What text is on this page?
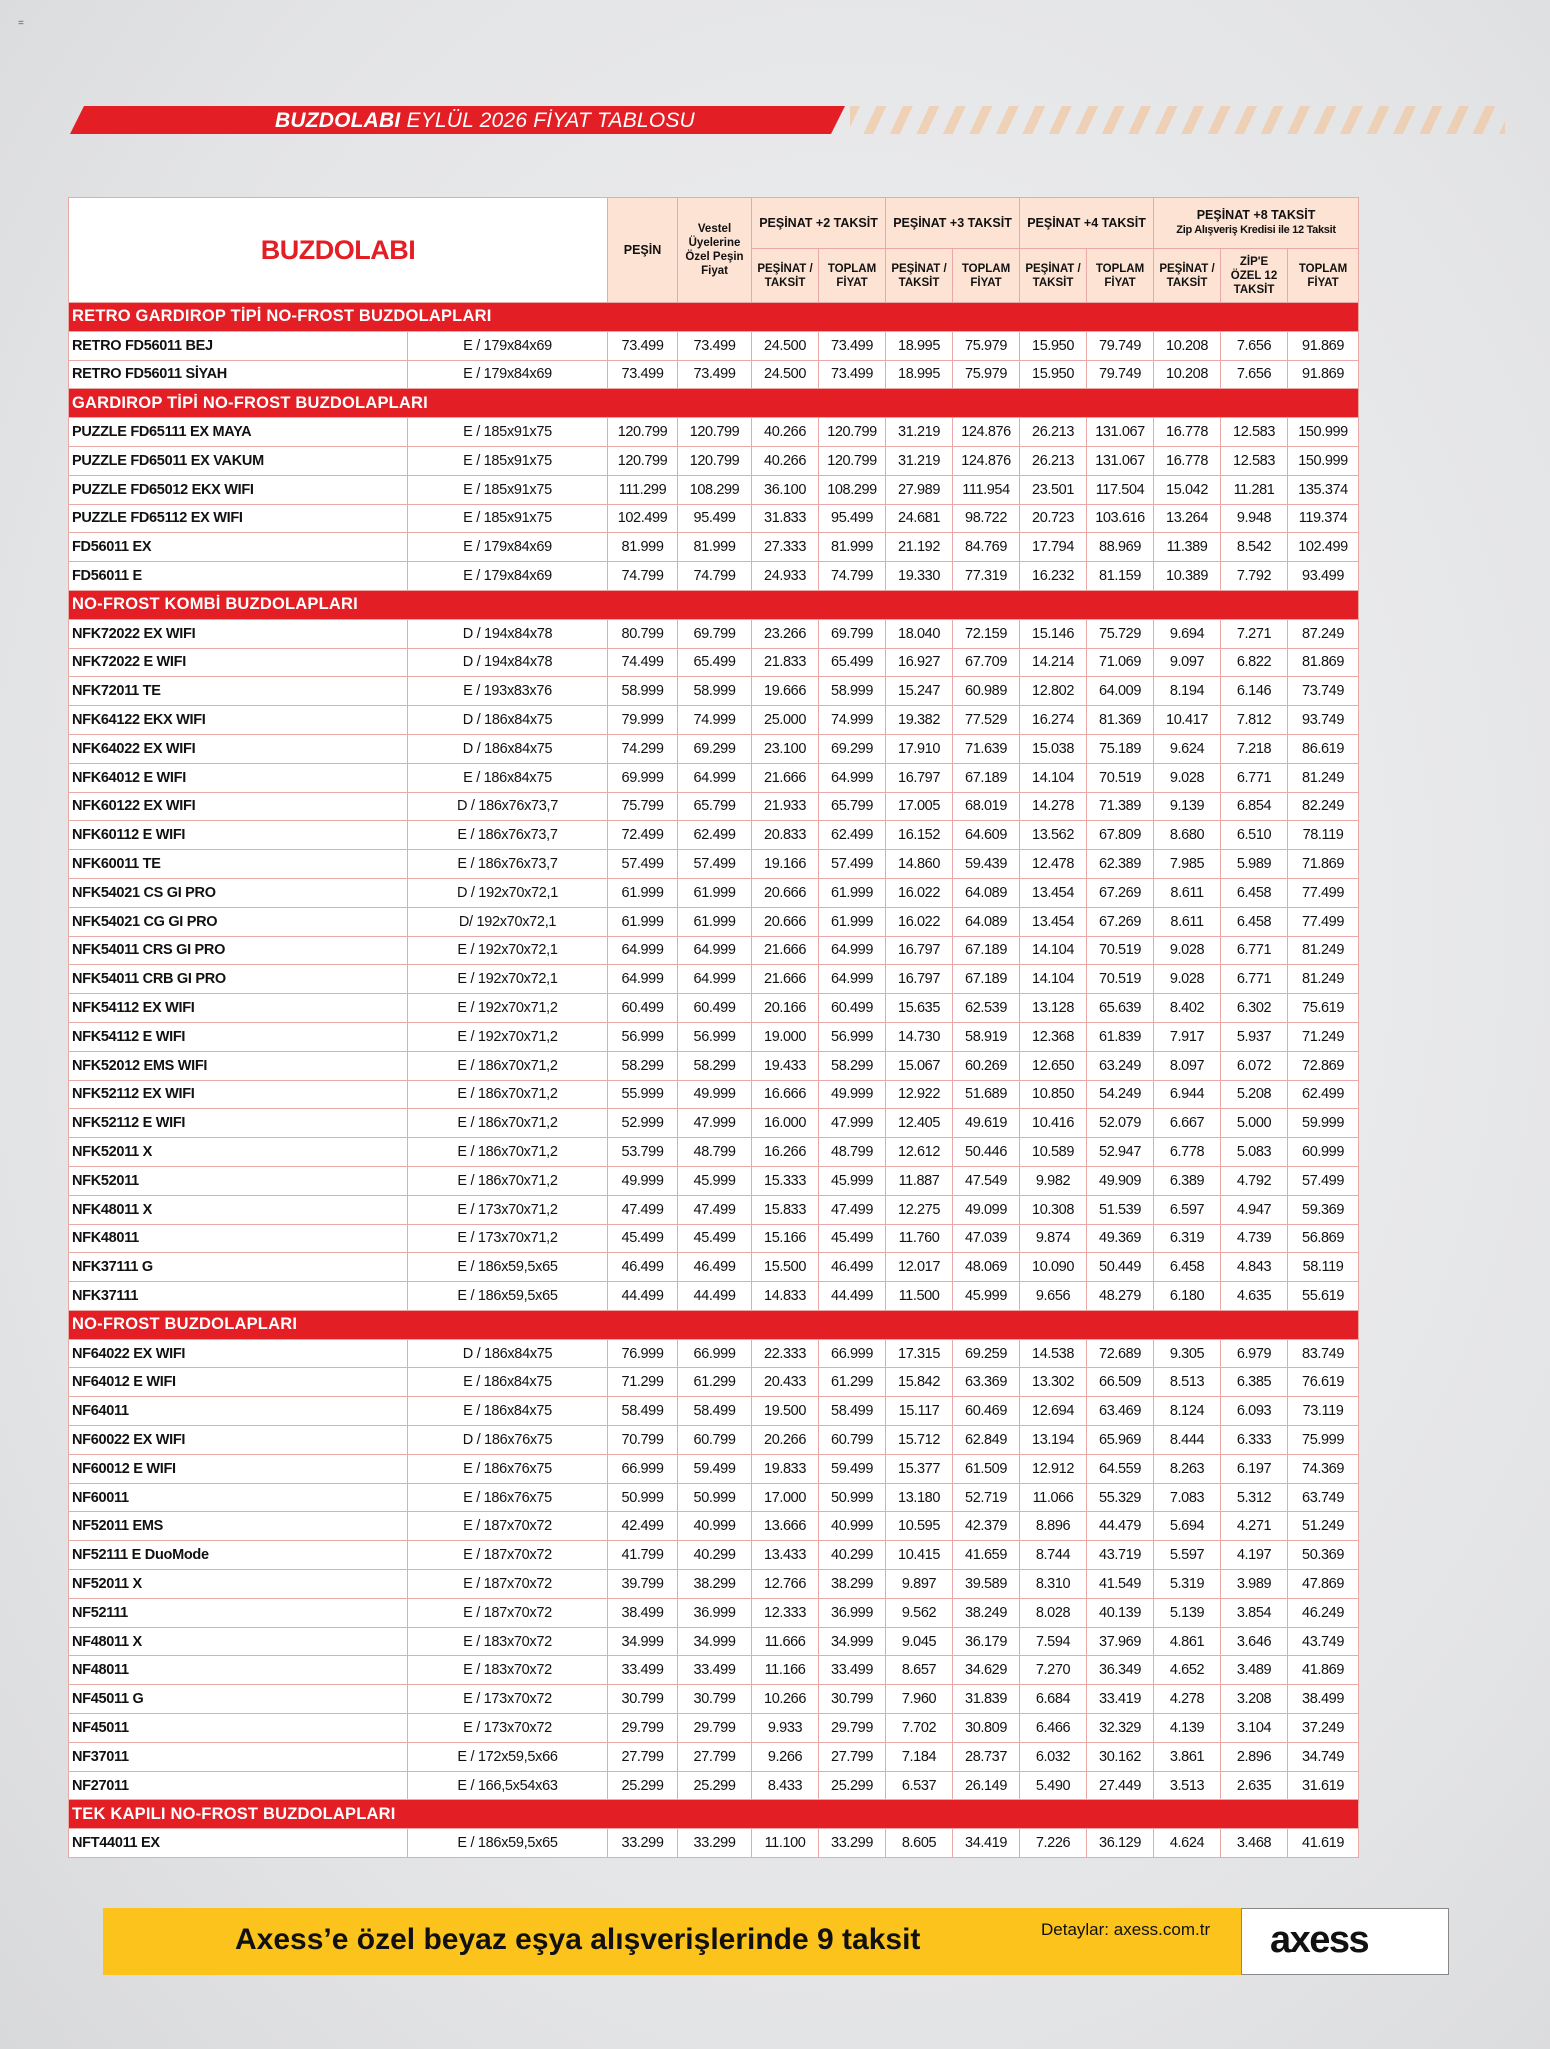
=
BUZDOLABI EYLÜL 2026 FİYAT TABLOSU
BUZDOLABI		PEŞİN	Vestel Üyelerine Özel Peşin Fiyat	PEŞİNAT +2 TAKSİT		PEŞİNAT +3 TAKSİT		PEŞİNAT +4 TAKSİT		PEŞİNAT +8 TAKSİT
Zip Alışveriş Kredisi ile 12 Taksit		

				PEŞİNAT / TAKSİT	TOPLAM FİYAT	PEŞİNAT / TAKSİT	TOPLAM FİYAT	PEŞİNAT / TAKSİT	TOPLAM FİYAT	PEŞİNAT / TAKSİT	ZİP'E ÖZEL 12 TAKSİT	TOPLAM FİYAT
RETRO GARDIROP TİPİ NO-FROST BUZDOLAPLARI												
RETRO FD56011 BEJ	E / 179x84x69	73.499	73.499	24.500	73.499	18.995	75.979	15.950	79.749	10.208	7.656	91.869
RETRO FD56011 SİYAH	E / 179x84x69	73.499	73.499	24.500	73.499	18.995	75.979	15.950	79.749	10.208	7.656	91.869
GARDIROP TİPİ NO-FROST BUZDOLAPLARI												
PUZZLE FD65111 EX MAYA	E / 185x91x75	120.799	120.799	40.266	120.799	31.219	124.876	26.213	131.067	16.778	12.583	150.999
PUZZLE FD65011 EX VAKUM	E / 185x91x75	120.799	120.799	40.266	120.799	31.219	124.876	26.213	131.067	16.778	12.583	150.999
PUZZLE FD65012 EKX WIFI	E / 185x91x75	111.299	108.299	36.100	108.299	27.989	111.954	23.501	117.504	15.042	11.281	135.374
PUZZLE FD65112 EX WIFI	E / 185x91x75	102.499	95.499	31.833	95.499	24.681	98.722	20.723	103.616	13.264	9.948	119.374
FD56011 EX	E / 179x84x69	81.999	81.999	27.333	81.999	21.192	84.769	17.794	88.969	11.389	8.542	102.499
FD56011 E	E / 179x84x69	74.799	74.799	24.933	74.799	19.330	77.319	16.232	81.159	10.389	7.792	93.499
NO-FROST KOMBİ BUZDOLAPLARI												
NFK72022 EX WIFI	D / 194x84x78	80.799	69.799	23.266	69.799	18.040	72.159	15.146	75.729	9.694	7.271	87.249
NFK72022 E WIFI	D / 194x84x78	74.499	65.499	21.833	65.499	16.927	67.709	14.214	71.069	9.097	6.822	81.869
NFK72011 TE	E / 193x83x76	58.999	58.999	19.666	58.999	15.247	60.989	12.802	64.009	8.194	6.146	73.749
NFK64122 EKX WIFI	D / 186x84x75	79.999	74.999	25.000	74.999	19.382	77.529	16.274	81.369	10.417	7.812	93.749
NFK64022 EX WIFI	D / 186x84x75	74.299	69.299	23.100	69.299	17.910	71.639	15.038	75.189	9.624	7.218	86.619
NFK64012 E WIFI	E / 186x84x75	69.999	64.999	21.666	64.999	16.797	67.189	14.104	70.519	9.028	6.771	81.249
NFK60122 EX WIFI	D / 186x76x73,7	75.799	65.799	21.933	65.799	17.005	68.019	14.278	71.389	9.139	6.854	82.249
NFK60112 E WIFI	E / 186x76x73,7	72.499	62.499	20.833	62.499	16.152	64.609	13.562	67.809	8.680	6.510	78.119
NFK60011 TE	E / 186x76x73,7	57.499	57.499	19.166	57.499	14.860	59.439	12.478	62.389	7.985	5.989	71.869
NFK54021 CS GI PRO	D / 192x70x72,1	61.999	61.999	20.666	61.999	16.022	64.089	13.454	67.269	8.611	6.458	77.499
NFK54021 CG GI PRO	D/ 192x70x72,1	61.999	61.999	20.666	61.999	16.022	64.089	13.454	67.269	8.611	6.458	77.499
NFK54011 CRS GI PRO	E / 192x70x72,1	64.999	64.999	21.666	64.999	16.797	67.189	14.104	70.519	9.028	6.771	81.249
NFK54011 CRB GI PRO	E / 192x70x72,1	64.999	64.999	21.666	64.999	16.797	67.189	14.104	70.519	9.028	6.771	81.249
NFK54112 EX WIFI	E / 192x70x71,2	60.499	60.499	20.166	60.499	15.635	62.539	13.128	65.639	8.402	6.302	75.619
NFK54112 E WIFI	E / 192x70x71,2	56.999	56.999	19.000	56.999	14.730	58.919	12.368	61.839	7.917	5.937	71.249
NFK52012 EMS WIFI	E / 186x70x71,2	58.299	58.299	19.433	58.299	15.067	60.269	12.650	63.249	8.097	6.072	72.869
NFK52112 EX WIFI	E / 186x70x71,2	55.999	49.999	16.666	49.999	12.922	51.689	10.850	54.249	6.944	5.208	62.499
NFK52112 E WIFI	E / 186x70x71,2	52.999	47.999	16.000	47.999	12.405	49.619	10.416	52.079	6.667	5.000	59.999
NFK52011 X	E / 186x70x71,2	53.799	48.799	16.266	48.799	12.612	50.446	10.589	52.947	6.778	5.083	60.999
NFK52011	E / 186x70x71,2	49.999	45.999	15.333	45.999	11.887	47.549	9.982	49.909	6.389	4.792	57.499
NFK48011 X	E / 173x70x71,2	47.499	47.499	15.833	47.499	12.275	49.099	10.308	51.539	6.597	4.947	59.369
NFK48011	E / 173x70x71,2	45.499	45.499	15.166	45.499	11.760	47.039	9.874	49.369	6.319	4.739	56.869
NFK37111 G	E / 186x59,5x65	46.499	46.499	15.500	46.499	12.017	48.069	10.090	50.449	6.458	4.843	58.119
NFK37111	E / 186x59,5x65	44.499	44.499	14.833	44.499	11.500	45.999	9.656	48.279	6.180	4.635	55.619
NO-FROST BUZDOLAPLARI												
NF64022 EX WIFI	D / 186x84x75	76.999	66.999	22.333	66.999	17.315	69.259	14.538	72.689	9.305	6.979	83.749
NF64012 E WIFI	E / 186x84x75	71.299	61.299	20.433	61.299	15.842	63.369	13.302	66.509	8.513	6.385	76.619
NF64011	E / 186x84x75	58.499	58.499	19.500	58.499	15.117	60.469	12.694	63.469	8.124	6.093	73.119
NF60022 EX WIFI	D / 186x76x75	70.799	60.799	20.266	60.799	15.712	62.849	13.194	65.969	8.444	6.333	75.999
NF60012 E WIFI	E / 186x76x75	66.999	59.499	19.833	59.499	15.377	61.509	12.912	64.559	8.263	6.197	74.369
NF60011	E / 186x76x75	50.999	50.999	17.000	50.999	13.180	52.719	11.066	55.329	7.083	5.312	63.749
NF52011 EMS	E / 187x70x72	42.499	40.999	13.666	40.999	10.595	42.379	8.896	44.479	5.694	4.271	51.249
NF52111 E DuoMode	E / 187x70x72	41.799	40.299	13.433	40.299	10.415	41.659	8.744	43.719	5.597	4.197	50.369
NF52011 X	E / 187x70x72	39.799	38.299	12.766	38.299	9.897	39.589	8.310	41.549	5.319	3.989	47.869
NF52111	E / 187x70x72	38.499	36.999	12.333	36.999	9.562	38.249	8.028	40.139	5.139	3.854	46.249
NF48011 X	E / 183x70x72	34.999	34.999	11.666	34.999	9.045	36.179	7.594	37.969	4.861	3.646	43.749
NF48011	E / 183x70x72	33.499	33.499	11.166	33.499	8.657	34.629	7.270	36.349	4.652	3.489	41.869
NF45011 G	E / 173x70x72	30.799	30.799	10.266	30.799	7.960	31.839	6.684	33.419	4.278	3.208	38.499
NF45011	E / 173x70x72	29.799	29.799	9.933	29.799	7.702	30.809	6.466	32.329	4.139	3.104	37.249
NF37011	E / 172x59,5x66	27.799	27.799	9.266	27.799	7.184	28.737	6.032	30.162	3.861	2.896	34.749
NF27011	E / 166,5x54x63	25.299	25.299	8.433	25.299	6.537	26.149	5.490	27.449	3.513	2.635	31.619
TEK KAPILI NO-FROST BUZDOLAPLARI												
NFT44011 EX	E / 186x59,5x65	33.299	33.299	11.100	33.299	8.605	34.419	7.226	36.129	4.624	3.468	41.619
Axess’e özel beyaz eşya alışverişlerinde 9 taksit	Detaylar: axess.com.tr axess
